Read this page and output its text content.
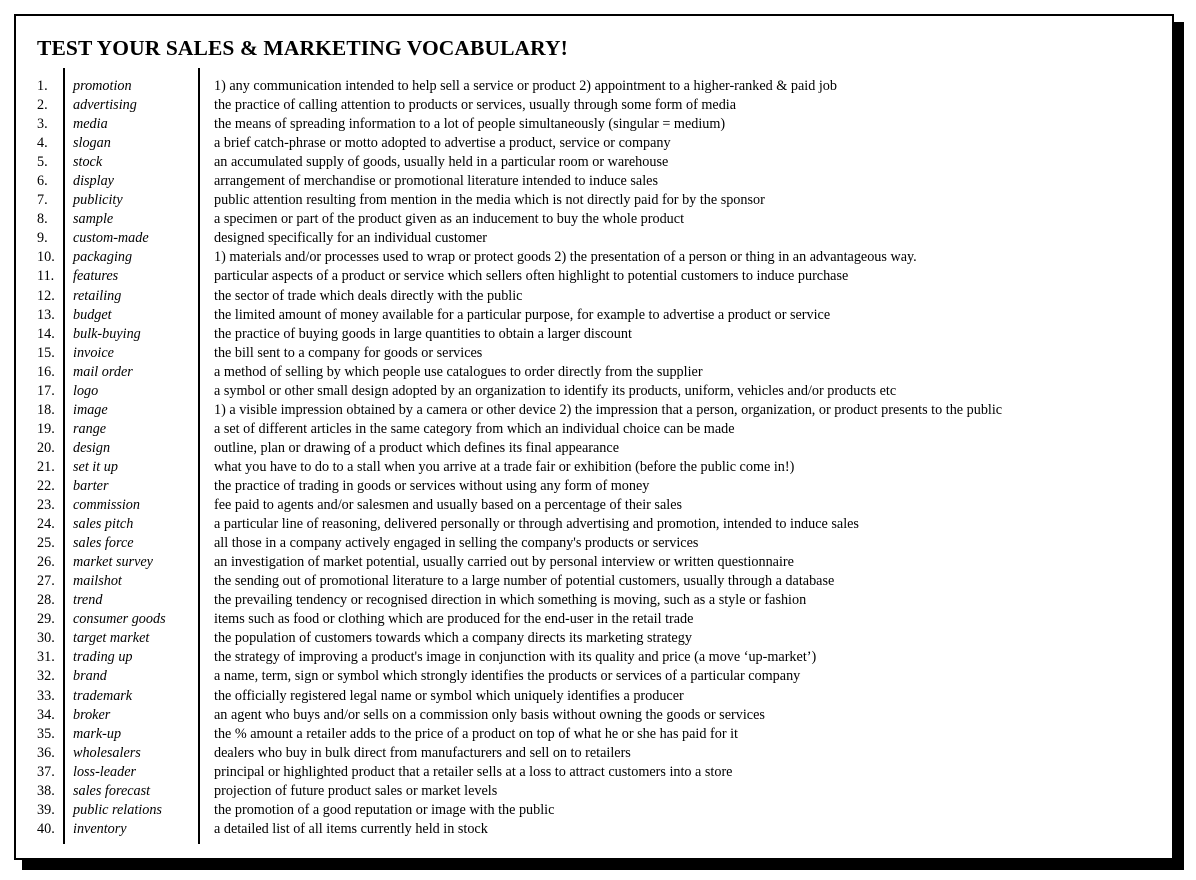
TEST YOUR SALES & MARKETING VOCABULARY!
1. promotion	1) any communication intended to help sell a service or product 2) appointment to a higher-ranked & paid job
2. advertising	the practice of calling attention to products or services, usually through some form of media
3. media	the means of spreading information to a lot of people simultaneously (singular = medium)
4. slogan	a brief catch-phrase or motto adopted to advertise a product, service or company
5. stock	an accumulated supply of goods, usually held in a particular room or warehouse
6. display	arrangement of merchandise or promotional literature intended to induce sales
7. publicity	public attention resulting from mention in the media which is not directly paid for by the sponsor
8. sample	a specimen or part of the product given as an inducement to buy the whole product
9. custom-made	designed specifically for an individual customer
10. packaging	1) materials and/or processes used to wrap or protect goods 2) the presentation of a person or thing in an advantageous way.
11. features	particular aspects of a product or service which sellers often highlight to potential customers to induce purchase
12. retailing	the sector of trade which deals directly with the public
13. budget	the limited amount of money available for a particular purpose, for example to advertise a product or service
14. bulk-buying	the practice of buying goods in large quantities to obtain a larger discount
15. invoice	the bill sent to a company for goods or services
16. mail order	a method of selling by which people use catalogues to order directly from the supplier
17. logo	a symbol or other small design adopted by an organization to identify its products, uniform, vehicles and/or products etc
18. image	1) a visible impression obtained by a camera or other device 2) the impression that a person, organization, or product presents to the public
19. range	a set of different articles in the same category from which an individual choice can be made
20. design	outline, plan or drawing of a product which defines its final appearance
21. set it up	what you have to do to a stall when you arrive at a trade fair or exhibition (before the public come in!)
22. barter	the practice of trading in goods or services without using any form of money
23. commission	fee paid to agents and/or salesmen and usually based on a percentage of their sales
24. sales pitch	a particular line of reasoning, delivered personally or through advertising and promotion, intended to induce sales
25. sales force	all those in a company actively engaged in selling the company's products or services
26. market survey	an investigation of market potential, usually carried out by personal interview or written questionnaire
27. mailshot	the sending out of promotional literature to a large number of potential customers, usually through a database
28. trend	the prevailing tendency or recognised direction in which something is moving, such as a style or fashion
29. consumer goods	items such as food or clothing which are produced for the end-user in the retail trade
30. target market	the population of customers towards which a company directs its marketing strategy
31. trading up	the strategy of improving a product's image in conjunction with its quality and price (a move ‘up-market’)
32. brand	a name, term, sign or symbol which strongly identifies the products or services of a particular company
33. trademark	the officially registered legal name or symbol which uniquely identifies a producer
34. broker	an agent who buys and/or sells on a commission only basis without owning the goods or services
35. mark-up	the % amount a retailer adds to the price of a product on top of what he or she has paid for it
36. wholesalers	dealers who buy in bulk direct from manufacturers and sell on to retailers
37. loss-leader	principal or highlighted product that a retailer sells at a loss to attract customers into a store
38. sales forecast	projection of future product sales or market levels
39. public relations	the promotion of a good reputation or image with the public
40. inventory	a detailed list of all items currently held in stock
